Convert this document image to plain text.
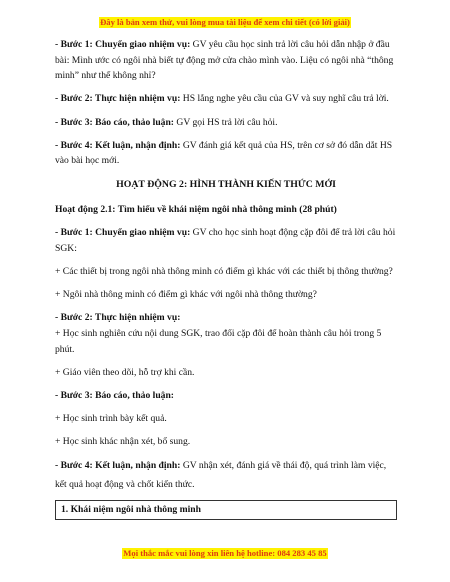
Đây là bản xem thử, vui lòng mua tài liệu để xem chi tiết (có lời giải)

- Bước 1: Chuyển giao nhiệm vụ: GV yêu cầu học sinh trả lời câu hỏi dẫn nhập ở đầu bài: Mình ước có ngôi nhà biết tự động mở cửa chào mình vào. Liệu có ngôi nhà “thông minh” như thế không nhỉ?

- Bước 2: Thực hiện nhiệm vụ: HS lắng nghe yêu cầu của GV và suy nghĩ câu trả lời.

- Bước 3: Báo cáo, thảo luận: GV gọi HS trả lời câu hỏi.

- Bước 4: Kết luận, nhận định: GV đánh giá kết quả của HS, trên cơ sở đó dẫn dắt HS vào bài học mới.

HOẠT ĐỘNG 2: HÌNH THÀNH KIẾN THỨC MỚI

Hoạt động 2.1: Tìm hiểu về khái niệm ngôi nhà thông minh (28 phút)

- Bước 1: Chuyển giao nhiệm vụ: GV cho học sinh hoạt động cặp đôi để trả lời câu hỏi SGK:

+ Các thiết bị trong ngôi nhà thông minh có điểm gì khác với các thiết bị thông thường?

+ Ngôi nhà thông minh có điểm gì khác với ngôi nhà thông thường?

- Bước 2: Thực hiện nhiệm vụ:
+ Học sinh nghiên cứu nội dung SGK, trao đổi cặp đôi để hoàn thành câu hỏi trong 5 phút.

+ Giáo viên theo dõi, hỗ trợ khi cần.

- Bước 3: Báo cáo, thảo luận:

+ Học sinh trình bày kết quả.

+ Học sinh khác nhận xét, bổ sung.

- Bước 4: Kết luận, nhận định: GV nhận xét, đánh giá về thái độ, quá trình làm việc,

kết quả hoạt động và chốt kiến thức.

1. Khái niệm ngôi nhà thông minh

Mọi thắc mắc vui lòng xin liên hệ hotline: 084 283 45 85
